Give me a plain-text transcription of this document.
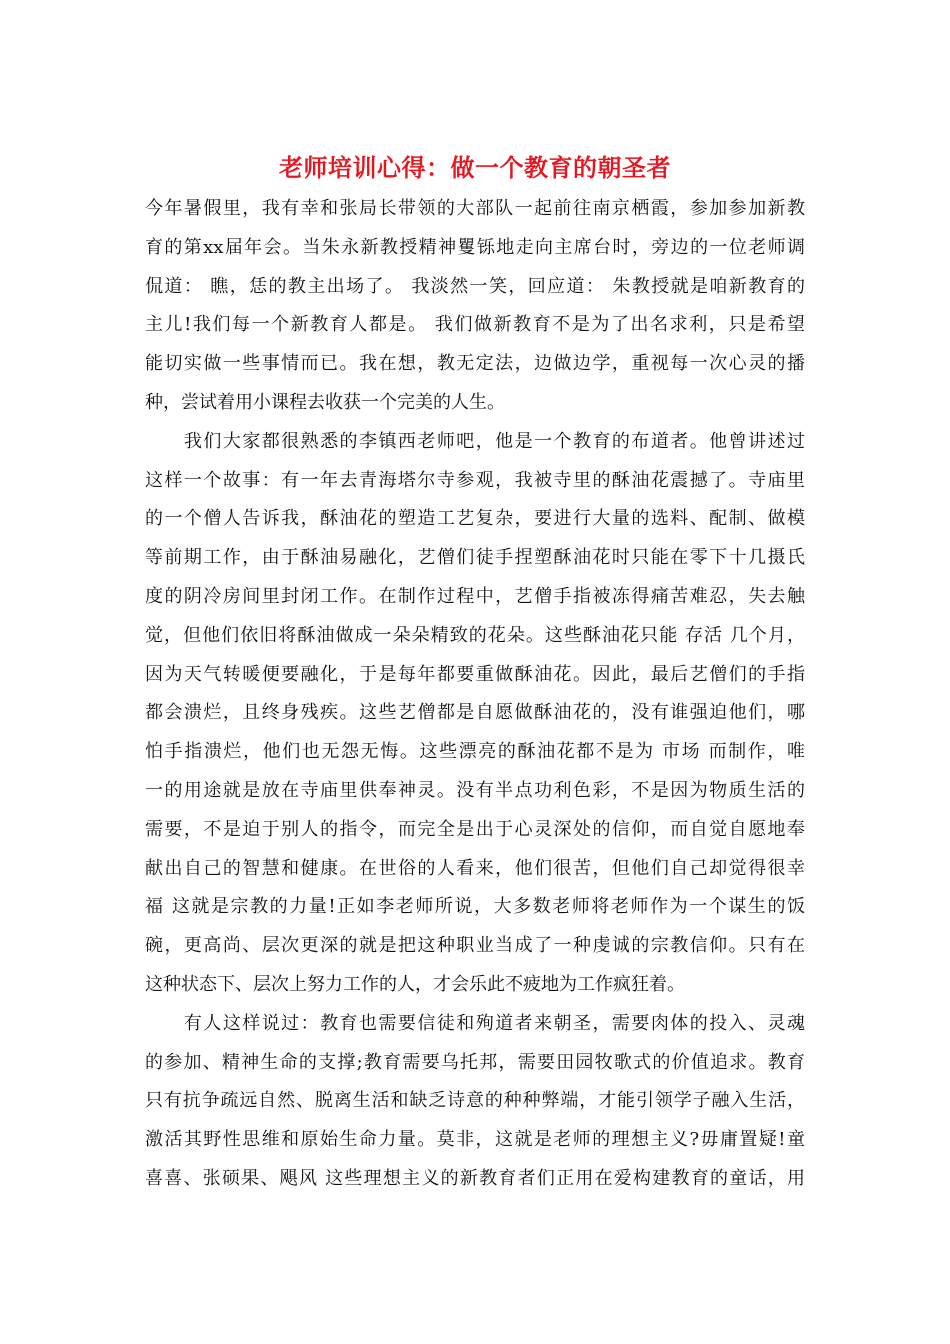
老师培训心得：做一个教育的朝圣者
今年暑假里，我有幸和张局长带领的大部队一起前往南京栖霞，参加参加新教
育的第xx届年会。当朱永新教授精神矍铄地走向主席台时，旁边的一位老师调
侃道： 瞧，恁的教主出场了。 我淡然一笑，回应道： 朱教授就是咱新教育的
主儿!我们每一个新教育人都是。 我们做新教育不是为了出名求利，只是希望
能切实做一些事情而已。我在想，教无定法，边做边学，重视每一次心灵的播
种，尝试着用小课程去收获一个完美的人生。
　　我们大家都很熟悉的李镇西老师吧，他是一个教育的布道者。他曾讲述过
这样一个故事：有一年去青海塔尔寺参观，我被寺里的酥油花震撼了。寺庙里
的一个僧人告诉我，酥油花的塑造工艺复杂，要进行大量的选料、配制、做模
等前期工作，由于酥油易融化，艺僧们徒手捏塑酥油花时只能在零下十几摄氏
度的阴冷房间里封闭工作。在制作过程中，艺僧手指被冻得痛苦难忍，失去触
觉，但他们依旧将酥油做成一朵朵精致的花朵。这些酥油花只能 存活 几个月，
因为天气转暖便要融化，于是每年都要重做酥油花。因此，最后艺僧们的手指
都会溃烂，且终身残疾。这些艺僧都是自愿做酥油花的，没有谁强迫他们，哪
怕手指溃烂，他们也无怨无悔。这些漂亮的酥油花都不是为 市场 而制作，唯
一的用途就是放在寺庙里供奉神灵。没有半点功利色彩，不是因为物质生活的
需要，不是迫于别人的指令，而完全是出于心灵深处的信仰，而自觉自愿地奉
献出自己的智慧和健康。在世俗的人看来，他们很苦，但他们自己却觉得很幸
福 这就是宗教的力量!正如李老师所说，大多数老师将老师作为一个谋生的饭
碗，更高尚、层次更深的就是把这种职业当成了一种虔诚的宗教信仰。只有在
这种状态下、层次上努力工作的人，才会乐此不疲地为工作疯狂着。
　　有人这样说过：教育也需要信徒和殉道者来朝圣，需要肉体的投入、灵魂
的参加、精神生命的支撑;教育需要乌托邦，需要田园牧歌式的价值追求。教育
只有抗争疏远自然、脱离生活和缺乏诗意的种种弊端，才能引领学子融入生活，
激活其野性思维和原始生命力量。莫非，这就是老师的理想主义?毋庸置疑!童
喜喜、张硕果、飓风 这些理想主义的新教育者们正用在爱构建教育的童话，用
